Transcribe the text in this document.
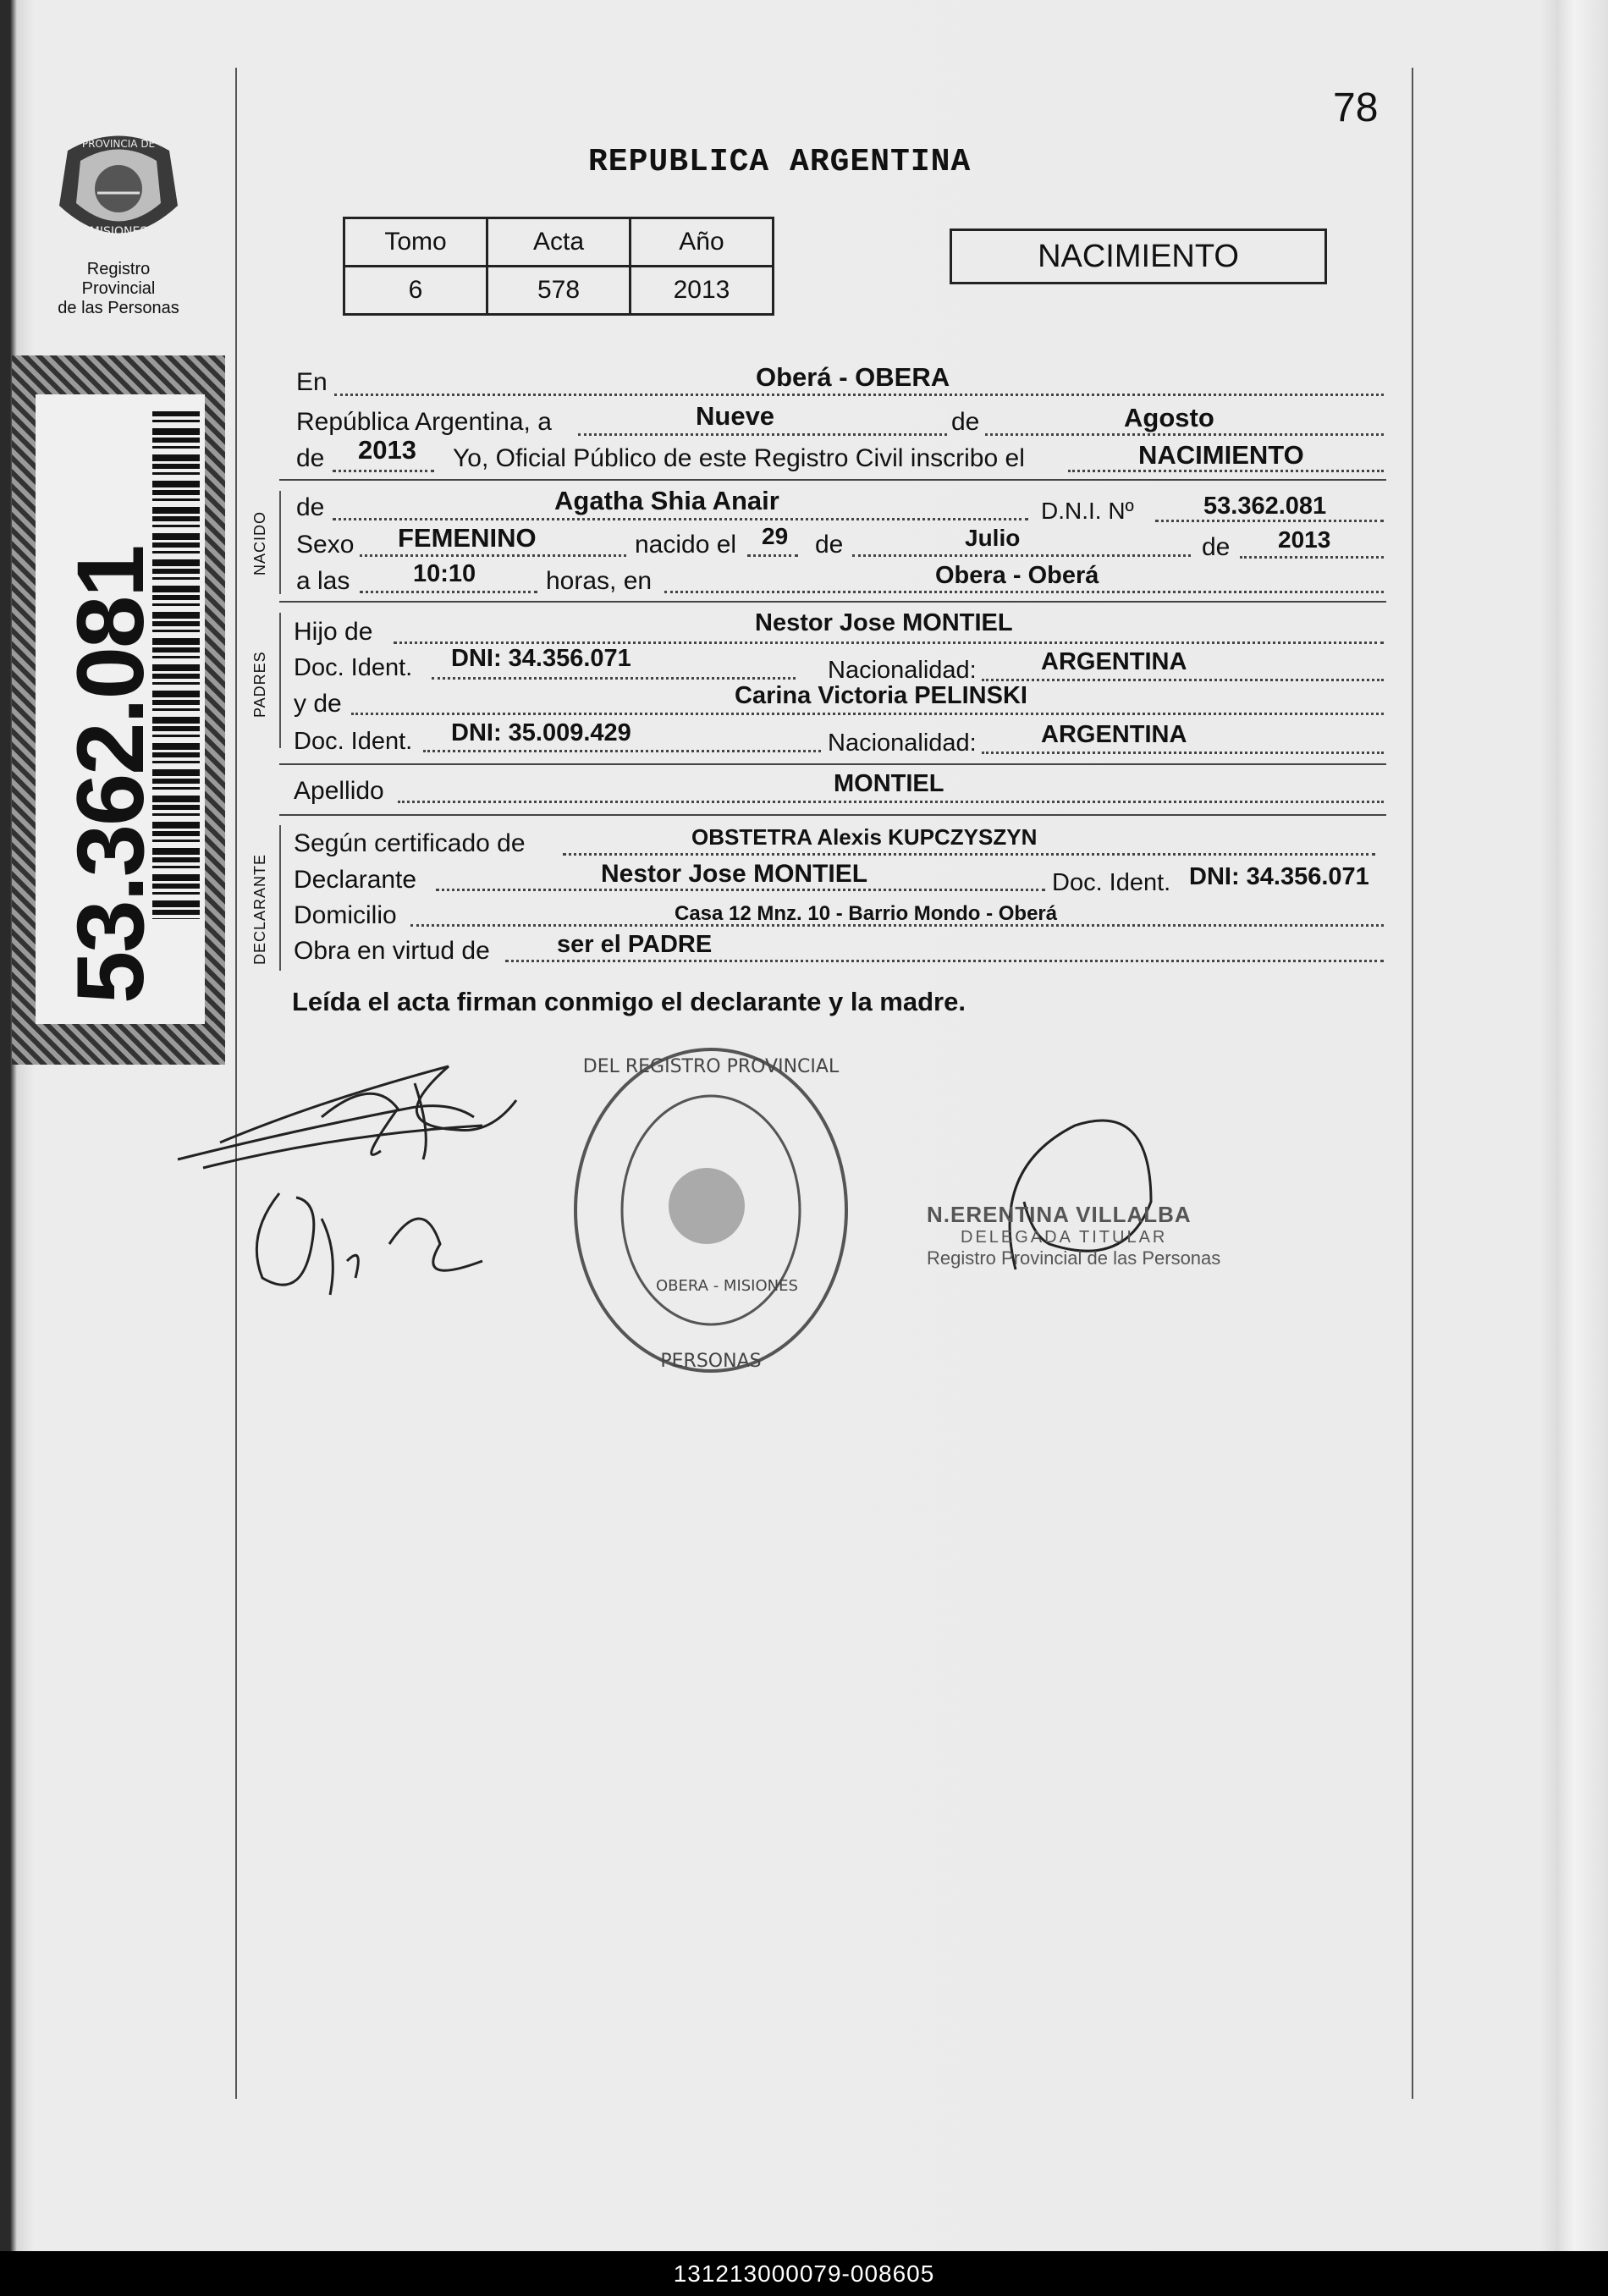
PROVINCIA DE
MISIONES
Registro Provincial
de las Personas
53.362.081
78
REPUBLICA ARGENTINA
Tomo	Acta	Año
6	578	2013
NACIMIENTO
En	Oberá - OBERA
República Argentina, a	Nueve	de	Agosto
de 2013 Yo, Oficial Público de este Registro Civil inscribo el	NACIMIENTO
NACIDO
de	Agatha Shia Anair	D.N.I. Nº	53.362.081
Sexo FEMENINO	nacido el 29 de	Julio	de 2013
a las	10:10	horas, en	Obera - Oberá
PADRES
Hijo de	Nestor Jose MONTIEL
Doc. Ident. DNI: 34.356.071	Nacionalidad:	ARGENTINA
y de	Carina Victoria PELINSKI
Doc. Ident. DNI: 35.009.429	Nacionalidad:	ARGENTINA
Apellido	MONTIEL
DECLARANTE
Según certificado de	OBSTETRA Alexis KUPCZYSZYN
Declarante	Nestor Jose MONTIEL	Doc. Ident. DNI: 34.356.071
Domicilio	Casa 12 Mnz. 10 - Barrio Mondo - Oberá
Obra en virtud de	ser el PADRE
Leída el acta firman conmigo el declarante y la madre.
DEL REGISTRO PROVINCIAL
PERSONAS
OBERA - MISIONES
N.ERENTINA VILLALBA
DELEGADA TITULAR
Registro Provincial de las Personas
131213000079-008605
